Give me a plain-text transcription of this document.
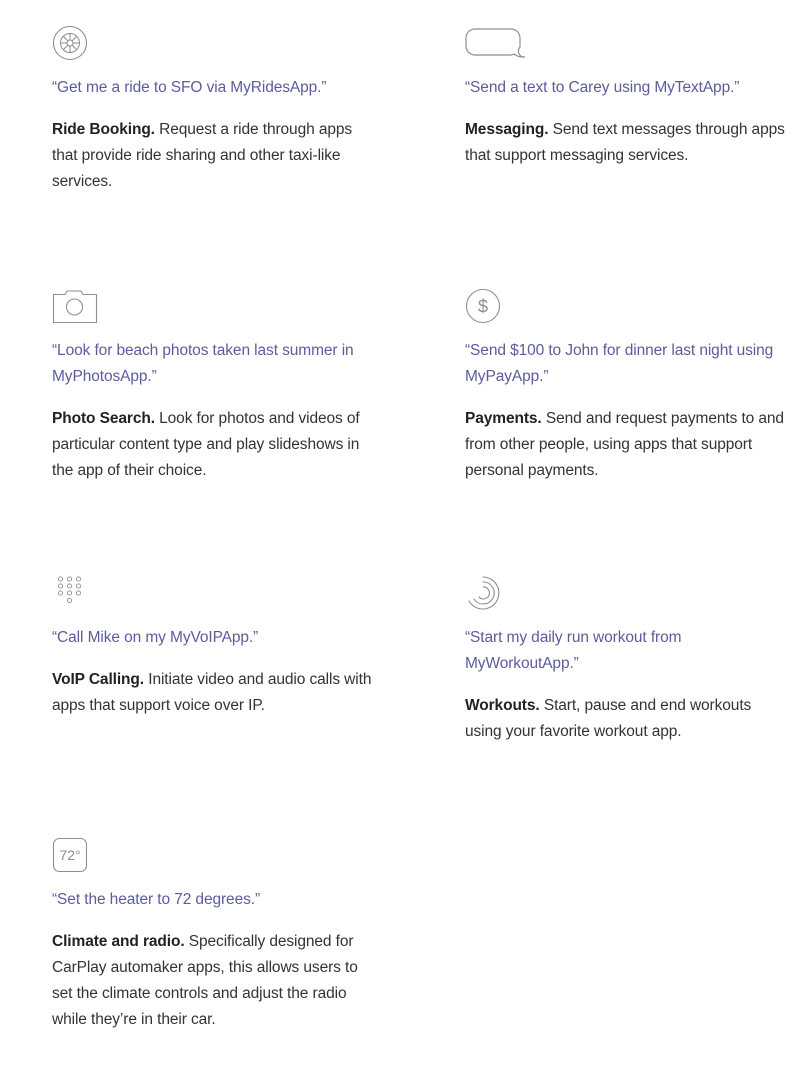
“Get me a ride to SFO via MyRidesApp.”

Ride Booking. Request a ride through apps that provide ride sharing and other taxi-like services.

“Send a text to Carey using MyTextApp.”

Messaging. Send text messages through apps that support messaging services.

“Look for beach photos taken last summer in MyPhotosApp.”

Photo Search. Look for photos and videos of particular content type and play slideshows in the app of their choice.

$

“Send $100 to John for dinner last night using MyPayApp.”

Payments. Send and request payments to and from other people, using apps that support personal payments.

“Call Mike on my MyVoIPApp.”

VoIP Calling. Initiate video and audio calls with apps that support voice over IP.

“Start my daily run workout from MyWorkoutApp.”

Workouts. Start, pause and end workouts using your favorite workout app.

72°

“Set the heater to 72 degrees.”

Climate and radio. Specifically designed for CarPlay automaker apps, this allows users to set the climate controls and adjust the radio while they’re in their car.
